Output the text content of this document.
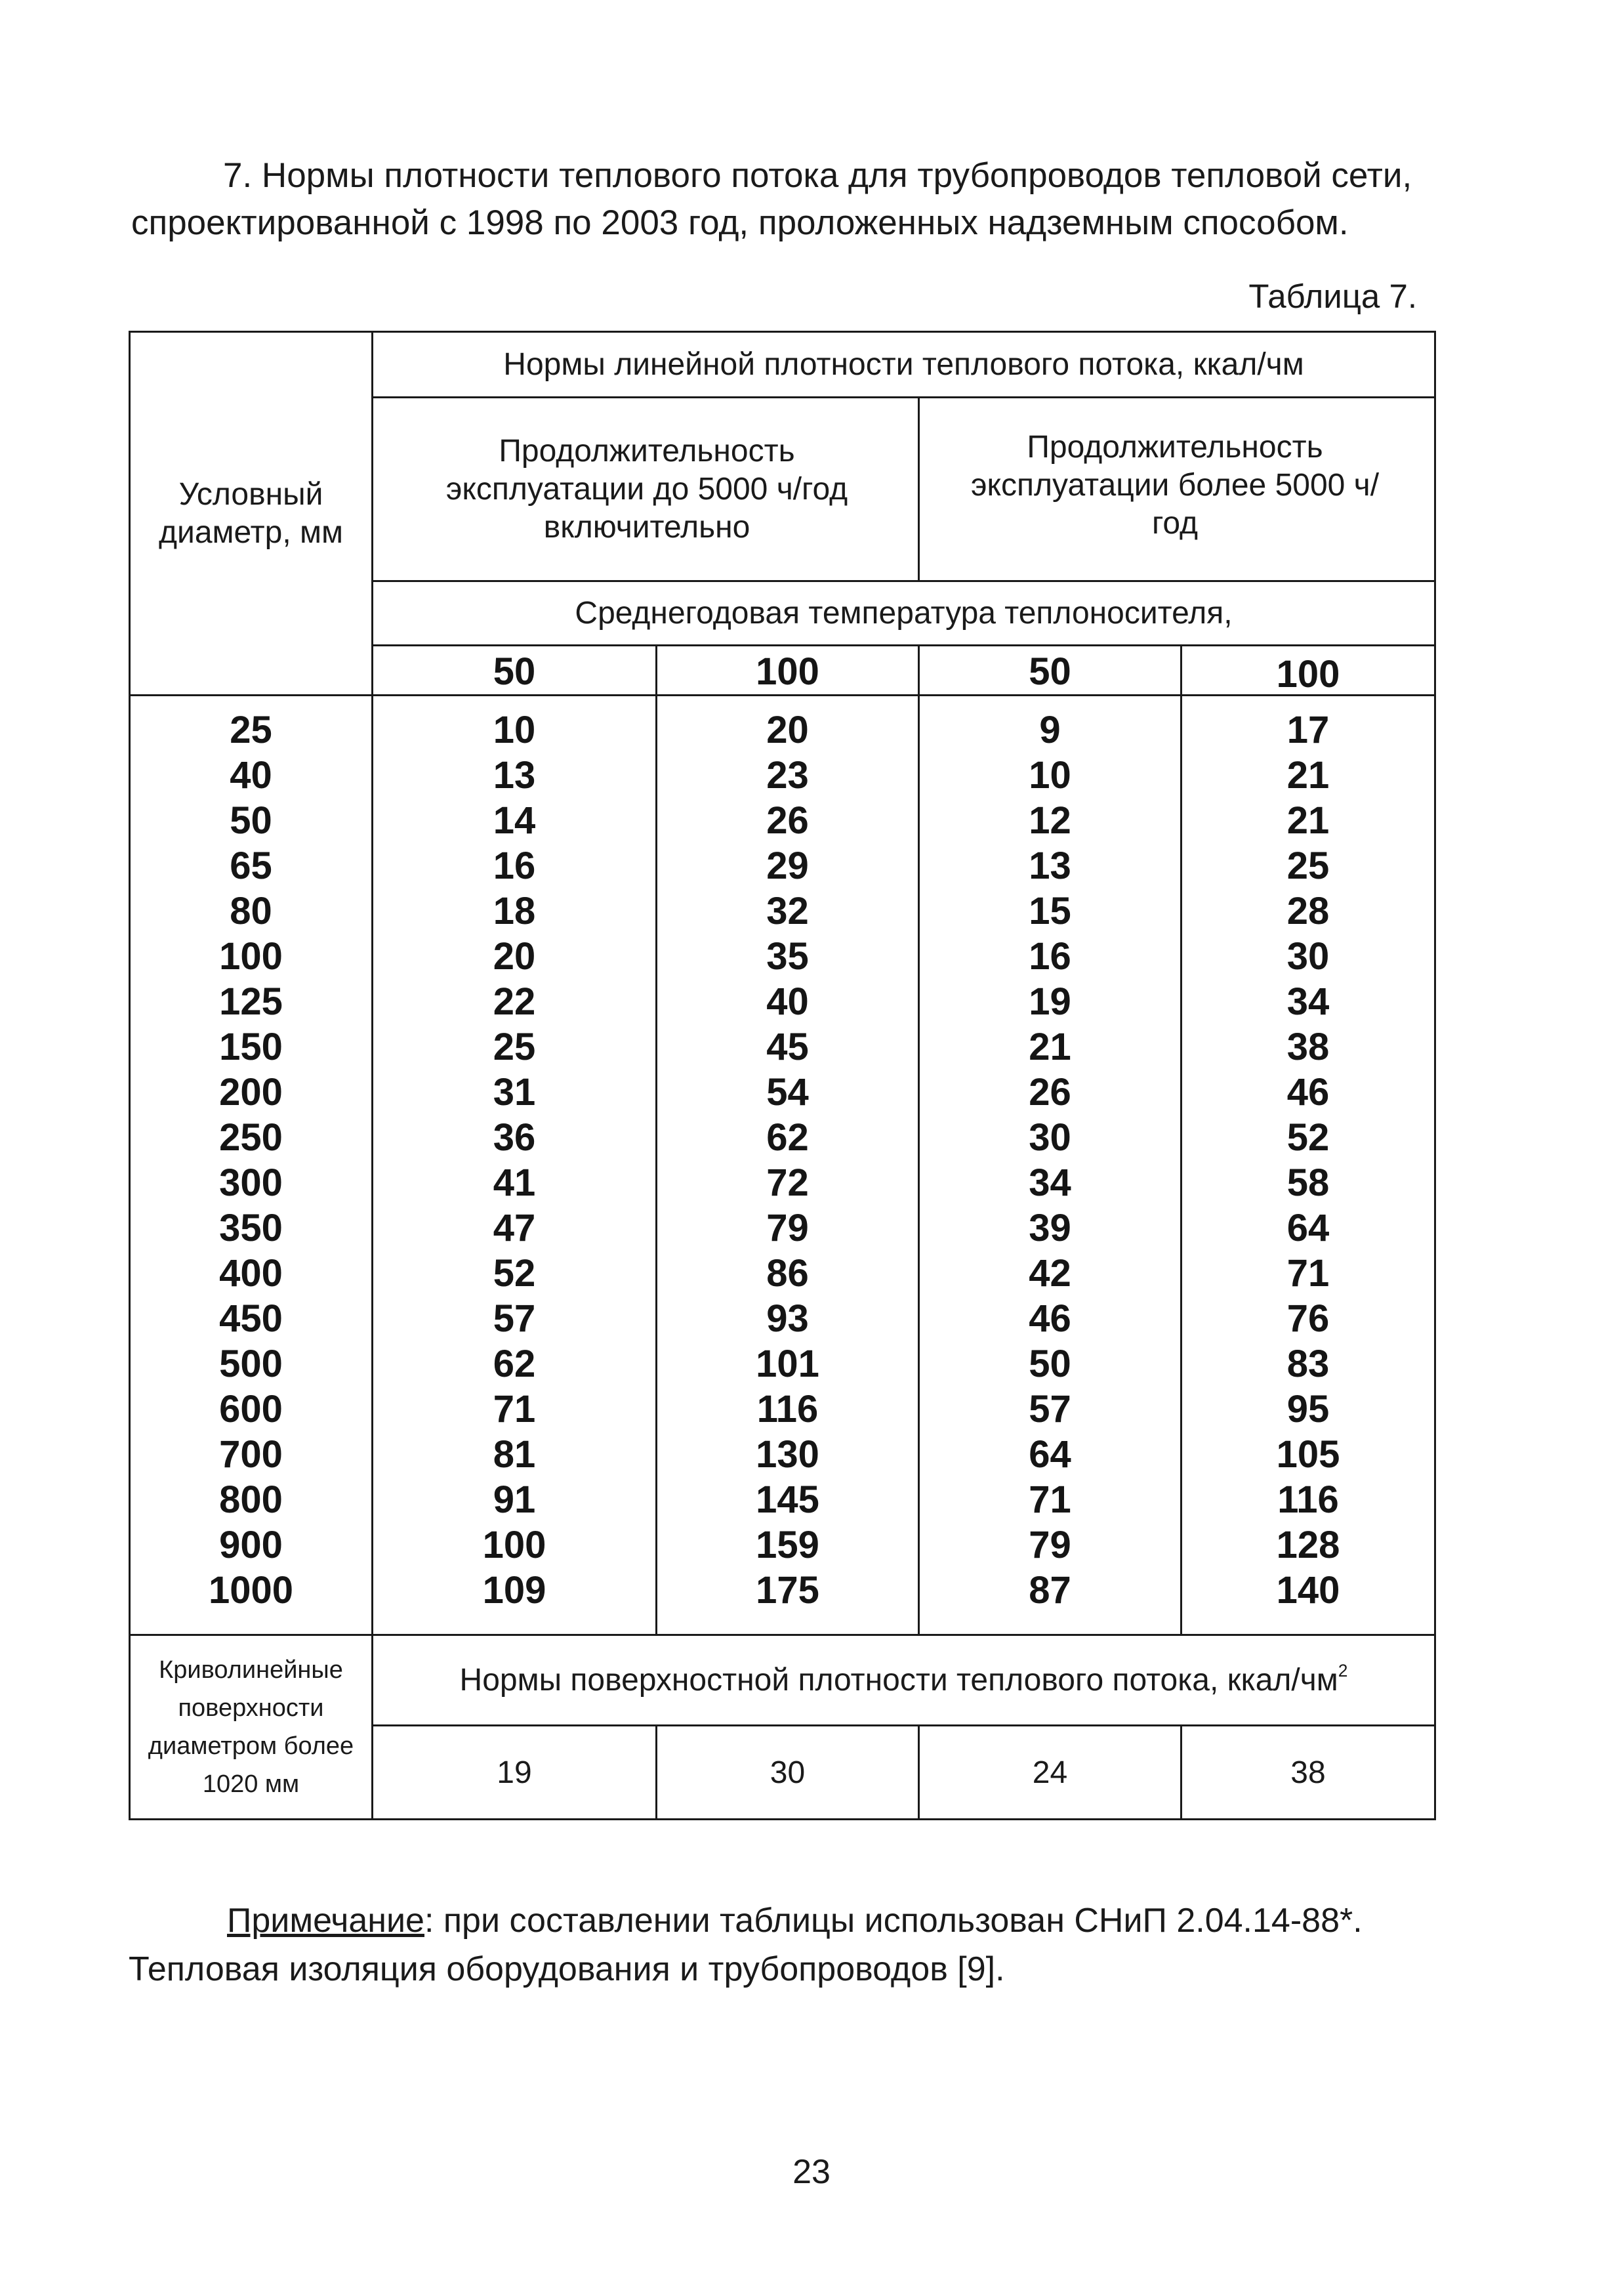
7. Нормы плотности теплового потока для трубопроводов тепловой сети,
спроектированной с 1998 по 2003 год, проложенных надземным способом.
Таблица 7.
Условный диаметр, мм
Нормы линейной плотности теплового потока, ккал/чм
Продолжительность эксплуатации до 5000 ч/год включительно
Продолжительность эксплуатации более 5000 ч/год
Среднегодовая температура теплоносителя,
50	100	50	100
25	10	20	9	17
40	13	23	10	21
50	14	26	12	21
65	16	29	13	25
80	18	32	15	28
100	20	35	16	30
125	22	40	19	34
150	25	45	21	38
200	31	54	26	46
250	36	62	30	52
300	41	72	34	58
350	47	79	39	64
400	52	86	42	71
450	57	93	46	76
500	62	101	50	83
600	71	116	57	95
700	81	130	64	105
800	91	145	71	116
900	100	159	79	128
1000	109	175	87	140
Криволинейные поверхности диаметром более 1020 мм
Нормы поверхностной плотности теплового потока, ккал/$чм^2$
19	30	24	38
Примечание: при составлении таблицы использован СНиП 2.04.14-88*.
Тепловая изоляция оборудования и трубопроводов [9].
23
